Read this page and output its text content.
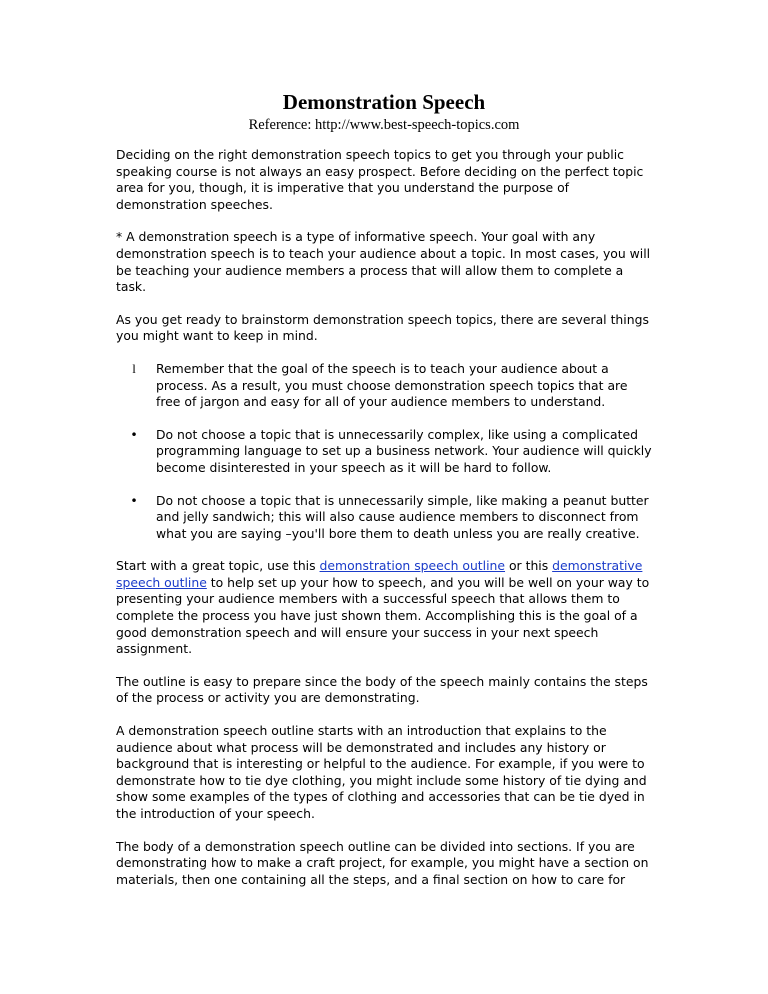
Demonstration Speech
Reference: http://www.best-speech-topics.com

Deciding on the right demonstration speech topics to get you through your public speaking course is not always an easy prospect. Before deciding on the perfect topic area for you, though, it is imperative that you understand the purpose of demonstration speeches.

* A demonstration speech is a type of informative speech. Your goal with any demonstration speech is to teach your audience about a topic. In most cases, you will be teaching your audience members a process that will allow them to complete a task.

As you get ready to brainstorm demonstration speech topics, there are several things you might want to keep in mind.

l Remember that the goal of the speech is to teach your audience about a process. As a result, you must choose demonstration speech topics that are free of jargon and easy for all of your audience members to understand.
• Do not choose a topic that is unnecessarily complex, like using a complicated programming language to set up a business network. Your audience will quickly become disinterested in your speech as it will be hard to follow.
• Do not choose a topic that is unnecessarily simple, like making a peanut butter and jelly sandwich; this will also cause audience members to disconnect from what you are saying –you'll bore them to death unless you are really creative.

Start with a great topic, use this demonstration speech outline or this demonstrative speech outline to help set up your how to speech, and you will be well on your way to presenting your audience members with a successful speech that allows them to complete the process you have just shown them. Accomplishing this is the goal of a good demonstration speech and will ensure your success in your next speech assignment.

The outline is easy to prepare since the body of the speech mainly contains the steps of the process or activity you are demonstrating.

A demonstration speech outline starts with an introduction that explains to the audience about what process will be demonstrated and includes any history or background that is interesting or helpful to the audience. For example, if you were to demonstrate how to tie dye clothing, you might include some history of tie dying and show some examples of the types of clothing and accessories that can be tie dyed in the introduction of your speech.

The body of a demonstration speech outline can be divided into sections. If you are demonstrating how to make a craft project, for example, you might have a section on materials, then one containing all the steps, and a final section on how to care for
